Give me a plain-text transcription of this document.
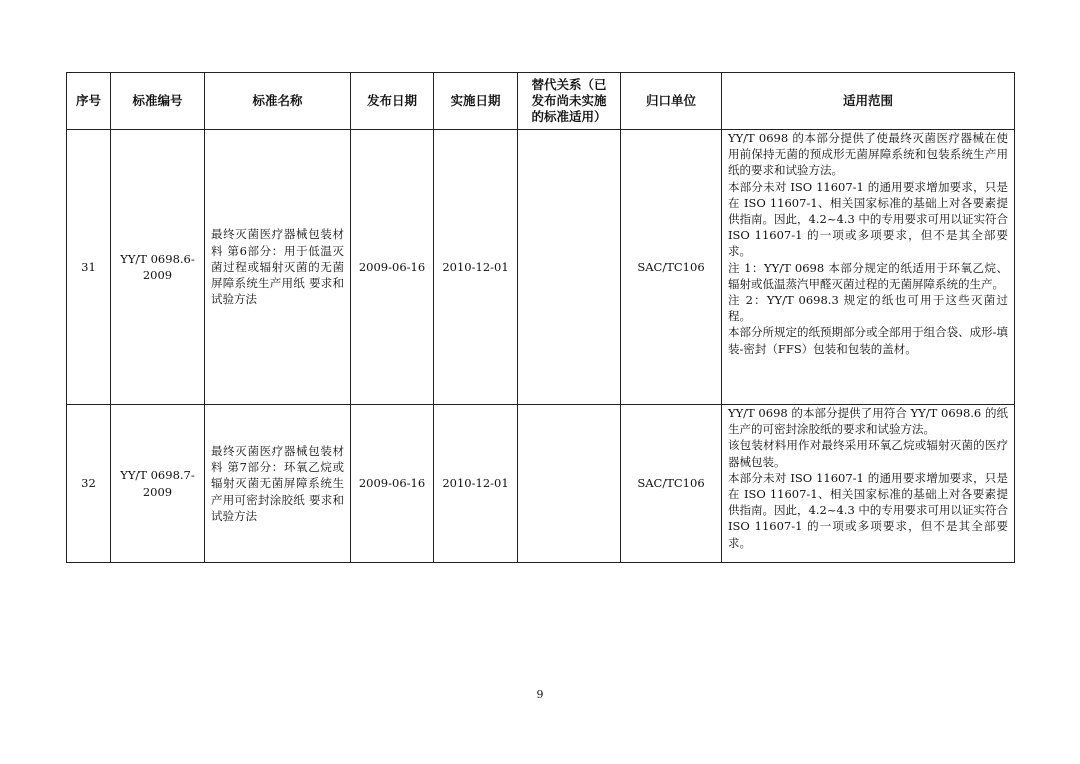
序号	标准编号	标准名称	发布日期	实施日期	替代关系（已发布尚未实施的标准适用）	归口单位	适用范围
31	YY/T 0698.6-2009	最终灭菌医疗器械包装材料 第6部分：用于低温灭菌过程或辐射灭菌的无菌屏障系统生产用纸 要求和试验方法	2009-06-16	2010-12-01		SAC/TC106	YY/T 0698 的本部分提供了使最终灭菌医疗器械在使用前保持无菌的预成形无菌屏障系统和包装系统生产用纸的要求和试验方法。
本部分未对 ISO 11607-1 的通用要求增加要求，只是在 ISO 11607-1、相关国家标准的基础上对各要素提供指南。因此，4.2~4.3 中的专用要求可用以证实符合 ISO 11607-1 的一项或多项要求，但不是其全部要求。
注 1：YY/T 0698 本部分规定的纸适用于环氧乙烷、辐射或低温蒸汽甲醛灭菌过程的无菌屏障系统的生产。
注 2：YY/T 0698.3 规定的纸也可用于这些灭菌过程。
本部分所规定的纸预期部分或全部用于组合袋、成形-填装-密封（FFS）包装和包装的盖材。

32	YY/T 0698.7-2009	最终灭菌医疗器械包装材料 第7部分：环氧乙烷或辐射灭菌无菌屏障系统生产用可密封涂胶纸 要求和试验方法	2009-06-16	2010-12-01		SAC/TC106	YY/T 0698 的本部分提供了用符合 YY/T 0698.6 的纸生产的可密封涂胶纸的要求和试验方法。
该包装材料用作对最终采用环氧乙烷或辐射灭菌的医疗器械包装。
本部分未对 ISO 11607-1 的通用要求增加要求，只是在 ISO 11607-1、相关国家标准的基础上对各要素提供指南。因此，4.2~4.3 中的专用要求可用以证实符合 ISO 11607-1 的一项或多项要求，但不是其全部要求。
9
